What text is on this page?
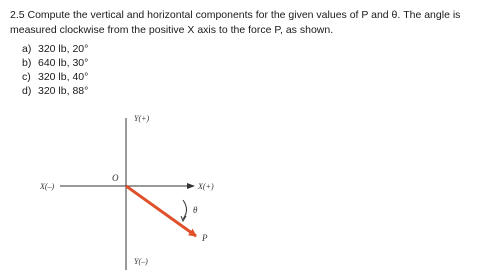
2.5 Compute the vertical and horizontal components for the given values of P and θ. The angle is measured clockwise from the positive X axis to the force P, as shown.

a) 320 lb, 20°
b) 640 lb, 30°
c) 320 lb, 40°
d) 320 lb, 88°
Y(+)
Y(–)
X(+)
X(–)
O
θ
P
